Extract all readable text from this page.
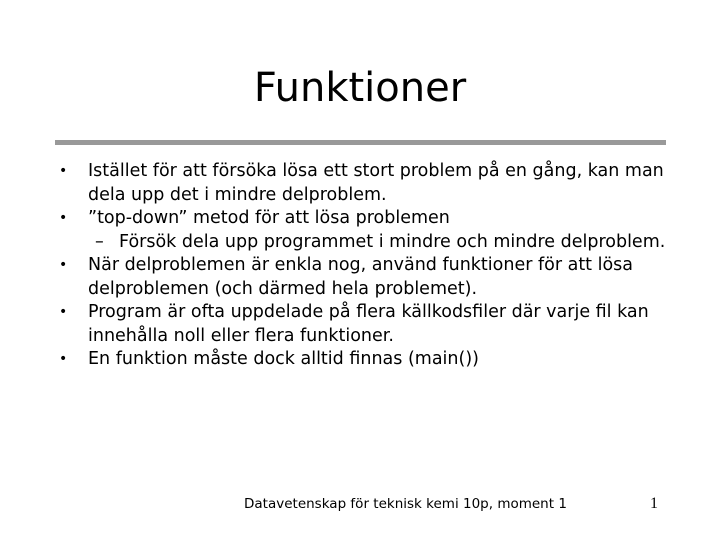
Funktioner
• Istället för att försöka lösa ett stort problem på en gång, kan man dela upp det i mindre delproblem.
• ”top-down” metod för att lösa problemen
– Försök dela upp programmet i mindre och mindre delproblem.
• När delproblemen är enkla nog, använd funktioner för att lösa delproblemen (och därmed hela problemet).
• Program är ofta uppdelade på flera källkodsfiler där varje fil kan innehålla noll eller flera funktioner.
• En funktion måste dock alltid finnas (main())
Datavetenskap för teknisk kemi 10p, moment 1	1
